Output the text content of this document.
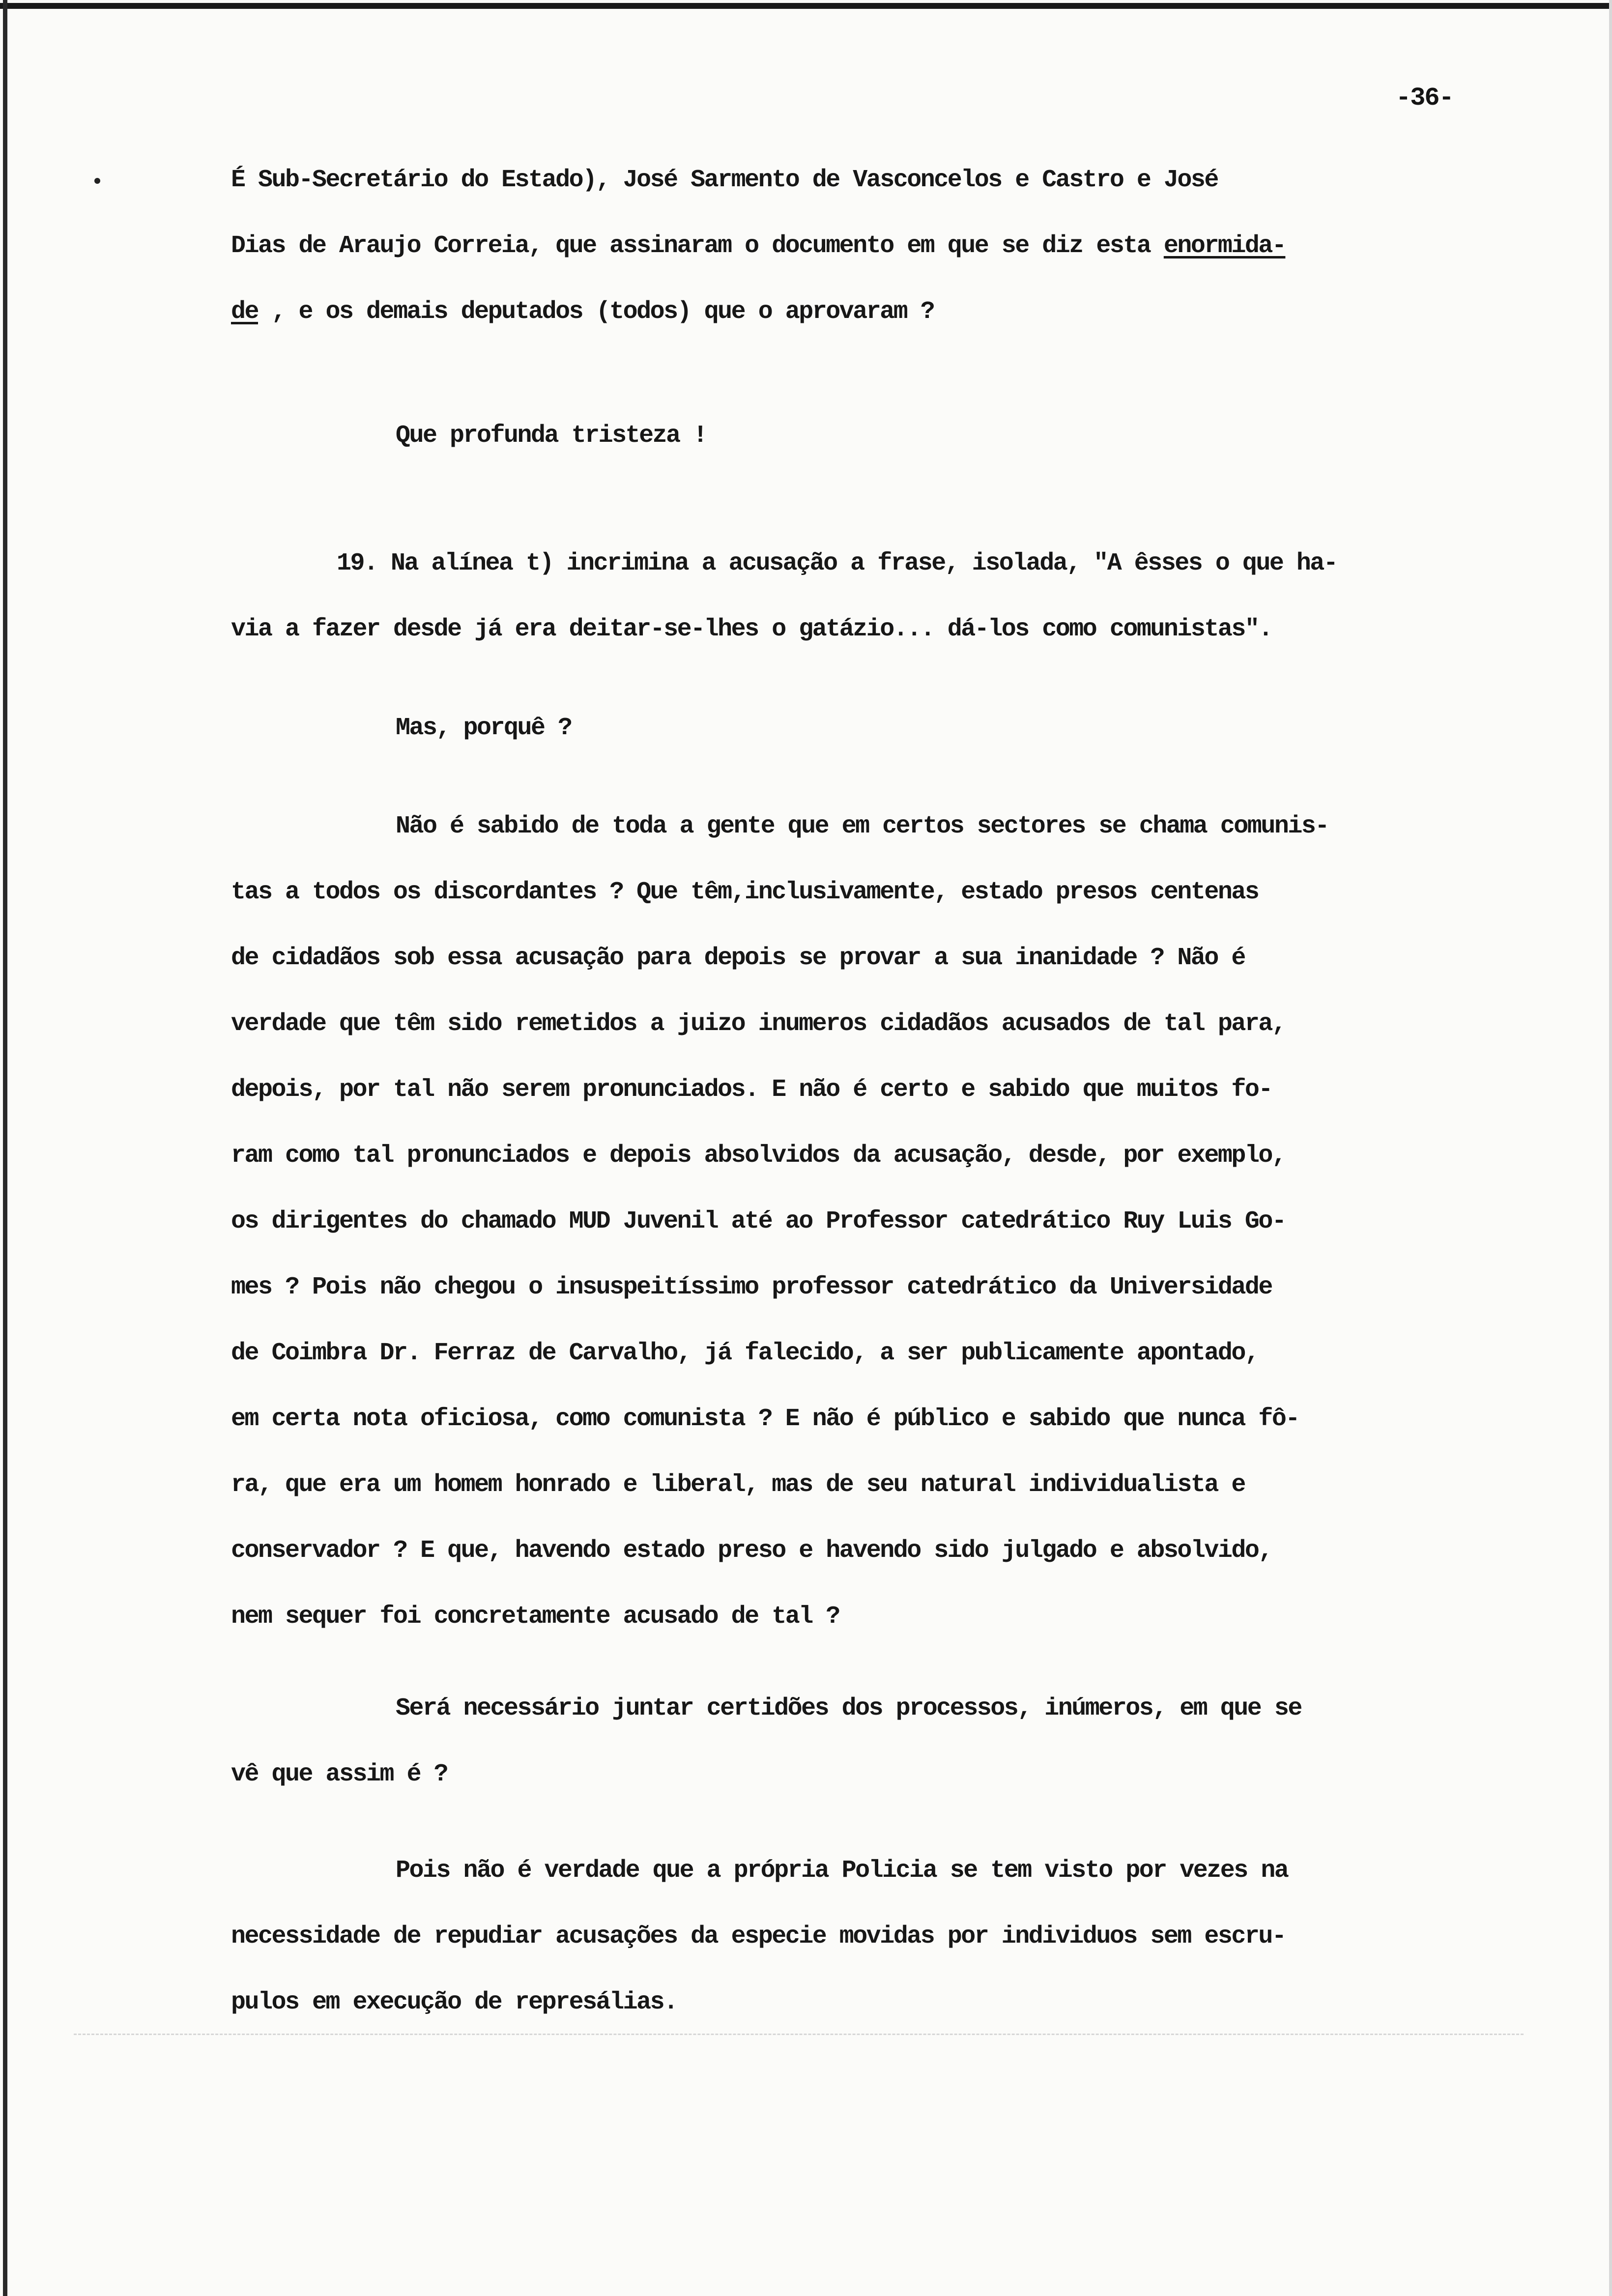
-36-
É Sub-Secretário do Estado), José Sarmento de Vasconcelos e Castro e José
Dias de Araujo Correia, que assinaram o documento em que se diz esta enormida-
de , e os demais deputados (todos) que o aprovaram ?
Que profunda tristeza !
19. Na alínea t) incrimina a acusação a frase, isolada, "A êsses o que ha-
via a fazer desde já era deitar-se-lhes o gatázio... dá-los como comunistas".
Mas, porquê ?
Não é sabido de toda a gente que em certos sectores se chama comunis-
tas a todos os discordantes ? Que têm,inclusivamente, estado presos centenas
de cidadãos sob essa acusação para depois se provar a sua inanidade ? Não é
verdade que têm sido remetidos a juizo inumeros cidadãos acusados de tal para,
depois, por tal não serem pronunciados. E não é certo e sabido que muitos fo-
ram como tal pronunciados e depois absolvidos da acusação, desde, por exemplo,
os dirigentes do chamado MUD Juvenil até ao Professor catedrático Ruy Luis Go-
mes ? Pois não chegou o insuspeitíssimo professor catedrático da Universidade
de Coimbra Dr. Ferraz de Carvalho, já falecido, a ser publicamente apontado,
em certa nota oficiosa, como comunista ? E não é público e sabido que nunca fô-
ra, que era um homem honrado e liberal, mas de seu natural individualista e
conservador ? E que, havendo estado preso e havendo sido julgado e absolvido,
nem sequer foi concretamente acusado de tal ?
Será necessário juntar certidões dos processos, inúmeros, em que se
vê que assim é ?
Pois não é verdade que a própria Policia se tem visto por vezes na
necessidade de repudiar acusações da especie movidas por individuos sem escru-
pulos em execução de represálias.
